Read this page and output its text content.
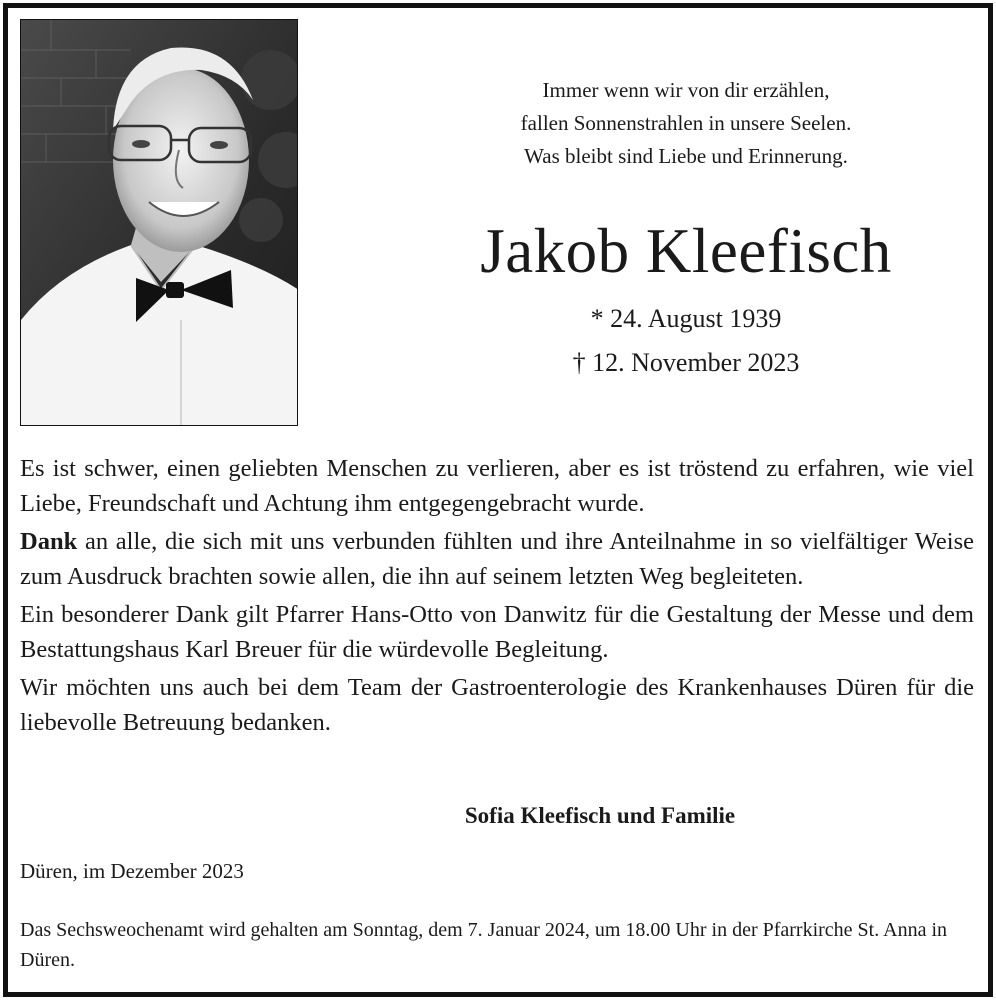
Immer wenn wir von dir erzählen,
fallen Sonnenstrahlen in unsere Seelen.
Was bleibt sind Liebe und Erinnerung.
Jakob Kleefisch
* 24. August 1939
† 12. November 2023

Es ist schwer, einen geliebten Menschen zu verlieren, aber es ist tröstend zu erfahren, wie viel Liebe, Freundschaft und Achtung ihm entgegengebracht wurde.

Dank an alle, die sich mit uns verbunden fühlten und ihre Anteilnahme in so vielfältiger Weise zum Ausdruck brachten sowie allen, die ihn auf seinem letzten Weg begleiteten.

Ein besonderer Dank gilt Pfarrer Hans-Otto von Danwitz für die Gestaltung der Messe und dem Bestattungshaus Karl Breuer für die würdevolle Begleitung.

Wir möchten uns auch bei dem Team der Gastroenterologie des Krankenhauses Düren für die liebevolle Betreuung bedanken.

Sofia Kleefisch und Familie
Düren, im Dezember 2023
Das Sechsweochenamt wird gehalten am Sonntag, dem 7. Januar 2024, um 18.00 Uhr in der Pfarrkirche St. Anna in Düren.
